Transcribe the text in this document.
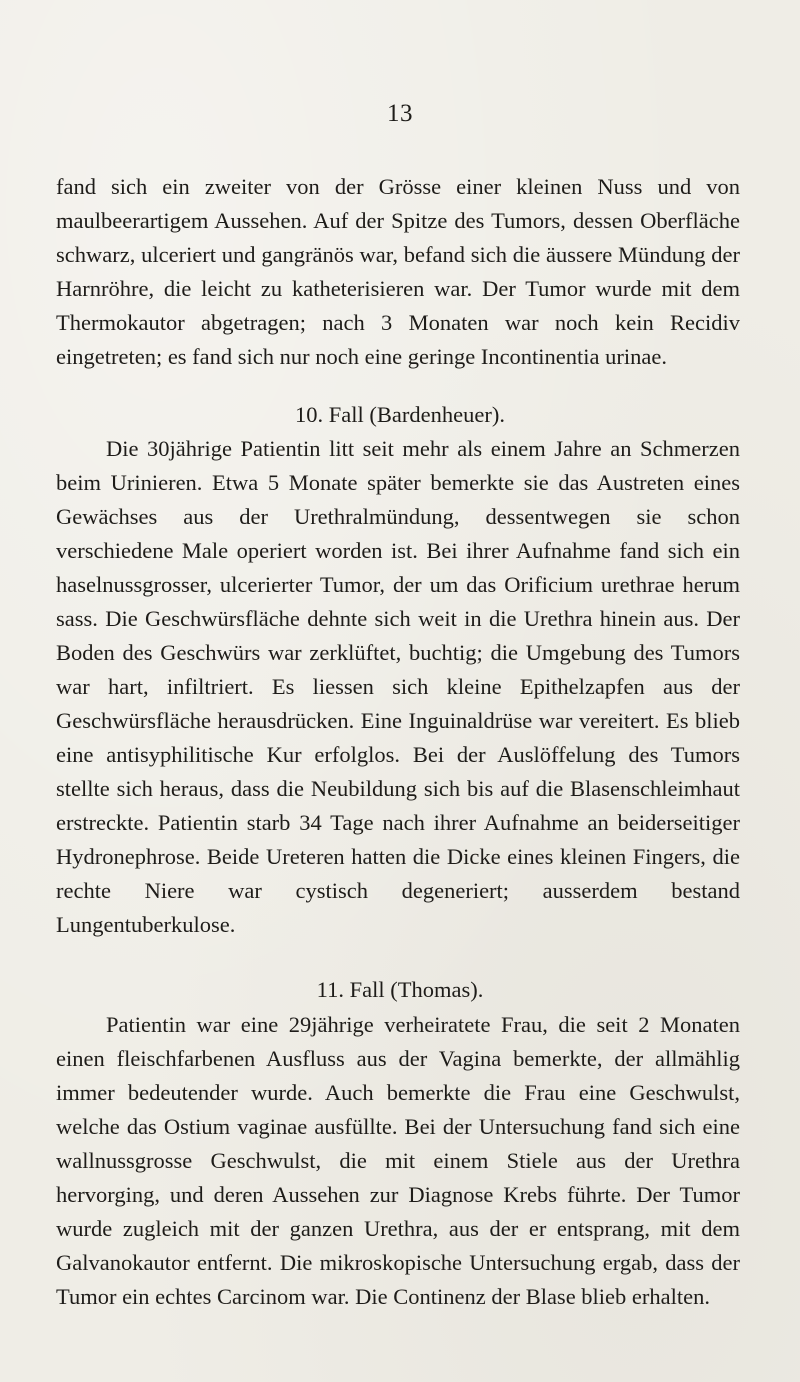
13

fand sich ein zweiter von der Grösse einer kleinen Nuss und von maulbeerartigem Aussehen. Auf der Spitze des Tumors, dessen Oberfläche schwarz, ulceriert und gangränös war, befand sich die äussere Mündung der Harnröhre, die leicht zu katheterisieren war. Der Tumor wurde mit dem Thermokautor abgetragen; nach 3 Monaten war noch kein Recidiv eingetreten; es fand sich nur noch eine geringe Incontinentia urinae.

10. Fall (Bardenheuer).

Die 30jährige Patientin litt seit mehr als einem Jahre an Schmerzen beim Urinieren. Etwa 5 Monate später bemerkte sie das Austreten eines Gewächses aus der Urethralmündung, dessentwegen sie schon verschiedene Male operiert worden ist. Bei ihrer Aufnahme fand sich ein haselnussgrosser, ulcerierter Tumor, der um das Orificium urethrae herum sass. Die Geschwürsfläche dehnte sich weit in die Urethra hinein aus. Der Boden des Geschwürs war zerklüftet, buchtig; die Umgebung des Tumors war hart, infiltriert. Es liessen sich kleine Epithelzapfen aus der Geschwürsfläche herausdrücken. Eine Inguinaldrüse war vereitert. Es blieb eine antisyphilitische Kur erfolglos. Bei der Auslöffelung des Tumors stellte sich heraus, dass die Neubildung sich bis auf die Blasenschleimhaut erstreckte. Patientin starb 34 Tage nach ihrer Aufnahme an beiderseitiger Hydronephrose. Beide Ureteren hatten die Dicke eines kleinen Fingers, die rechte Niere war cystisch degeneriert; ausserdem bestand Lungentuberkulose.

11. Fall (Thomas).

Patientin war eine 29jährige verheiratete Frau, die seit 2 Monaten einen fleischfarbenen Ausfluss aus der Vagina bemerkte, der allmählig immer bedeutender wurde. Auch bemerkte die Frau eine Geschwulst, welche das Ostium vaginae ausfüllte. Bei der Untersuchung fand sich eine wallnussgrosse Geschwulst, die mit einem Stiele aus der Urethra hervorging, und deren Aussehen zur Diagnose Krebs führte. Der Tumor wurde zugleich mit der ganzen Urethra, aus der er entsprang, mit dem Galvanokautor entfernt. Die mikroskopische Untersuchung ergab, dass der Tumor ein echtes Carcinom war. Die Continenz der Blase blieb erhalten.
